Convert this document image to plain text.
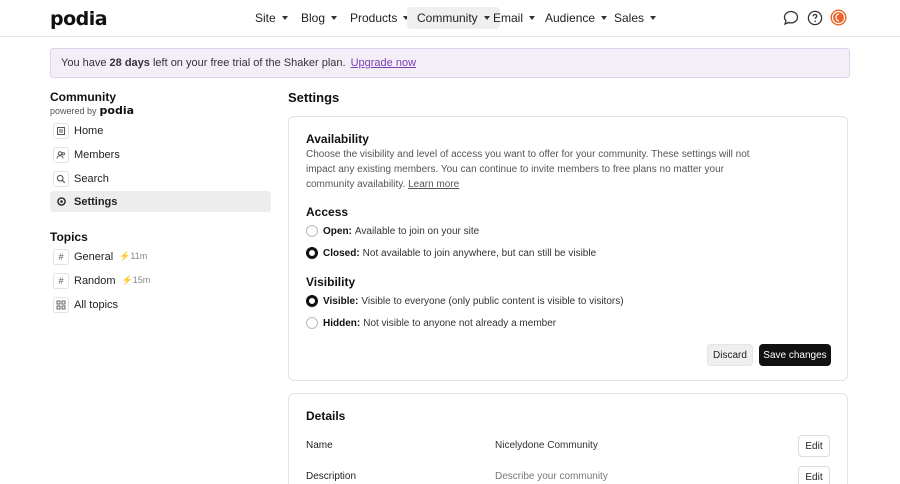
podia	Site Blog Products Community Email Audience Sales
You have 28 days left on your free trial of the Shaker plan. Upgrade now
Community
powered by podia
Home
Members
Search
Settings
Topics
# General ⚡11m
# Random ⚡15m
All topics
Settings
Availability
Choose the visibility and level of access you want to offer for your community. These settings will not impact any existing members. You can continue to invite members to free plans no matter your community availability. Learn more
Access
Open: Available to join on your site
Closed: Not available to join anywhere, but can still be visible
Visibility
Visible: Visible to everyone (only public content is visible to visitors)
Hidden: Not visible to anyone not already a member
Discard	Save changes
Details
Name	Nicelydone Community	Edit
Description	Describe your community	Edit
